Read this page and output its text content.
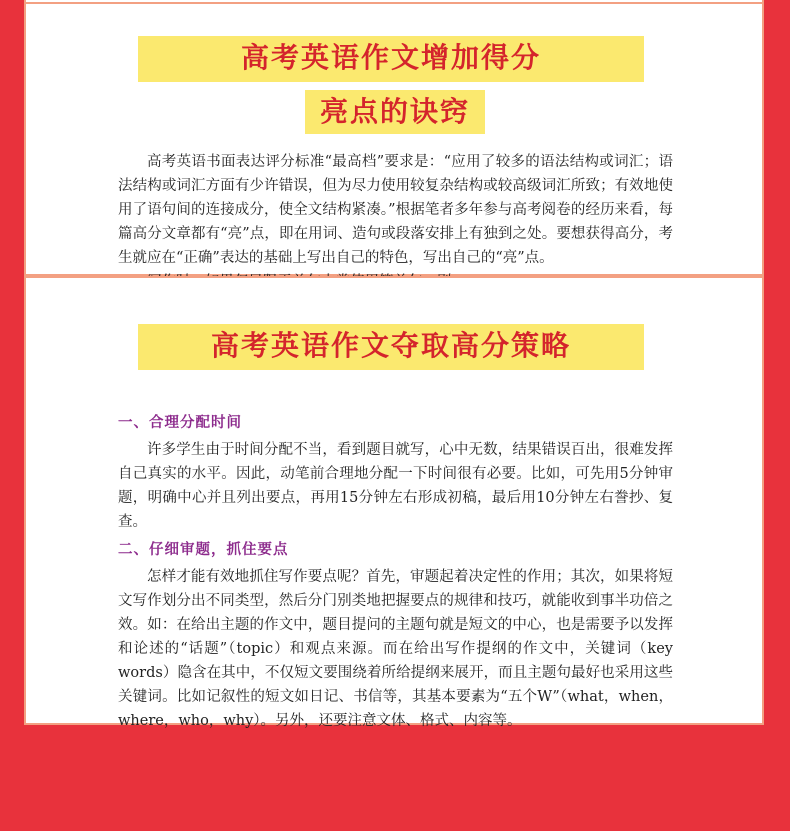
高考英语作文增加得分
亮点的诀窍

高考英语书面表达评分标准“最高档”要求是：“应用了较多的语法结构或词汇；语法结构或词汇方面有少许错误，但为尽力使用较复杂结构或较高级词汇所致；有效地使用了语句间的连接成分，使全文结构紧凑。”根据笔者多年参与高考阅卷的经历来看，每篇高分文章都有“亮”点，即在用词、造句或段落安排上有独到之处。要想获得高分，考生就应在“正确”表达的基础上写出自己的特色，写出自己的“亮”点。

高考英语作文夺取高分策略
一、合理分配时间

许多学生由于时间分配不当，看到题目就写，心中无数，结果错误百出，很难发挥自己真实的水平。因此，动笔前合理地分配一下时间很有必要。比如，可先用5分钟审题，明确中心并且列出要点，再用15分钟左右形成初稿，最后用10分钟左右誊抄、复查。

二、仔细审题，抓住要点

怎样才能有效地抓住写作要点呢？首先，审题起着决定性的作用；其次，如果将短文写作划分出不同类型，然后分门别类地把握要点的规律和技巧，就能收到事半功倍之效。如：在给出主题的作文中，题目提问的主题句就是短文的中心，也是需要予以发挥和论述的“话题”（topic）和观点来源。而在给出写作提纲的作文中，关键词（key words）隐含在其中，不仅短文要围绕着所给提纲来展开，而且主题句最好也采用这些关键词。比如记叙性的短文如日记、书信等，其基本要素为“五个W”（what，when，where，who，why）。另外，还要注意文体、格式、内容等。
